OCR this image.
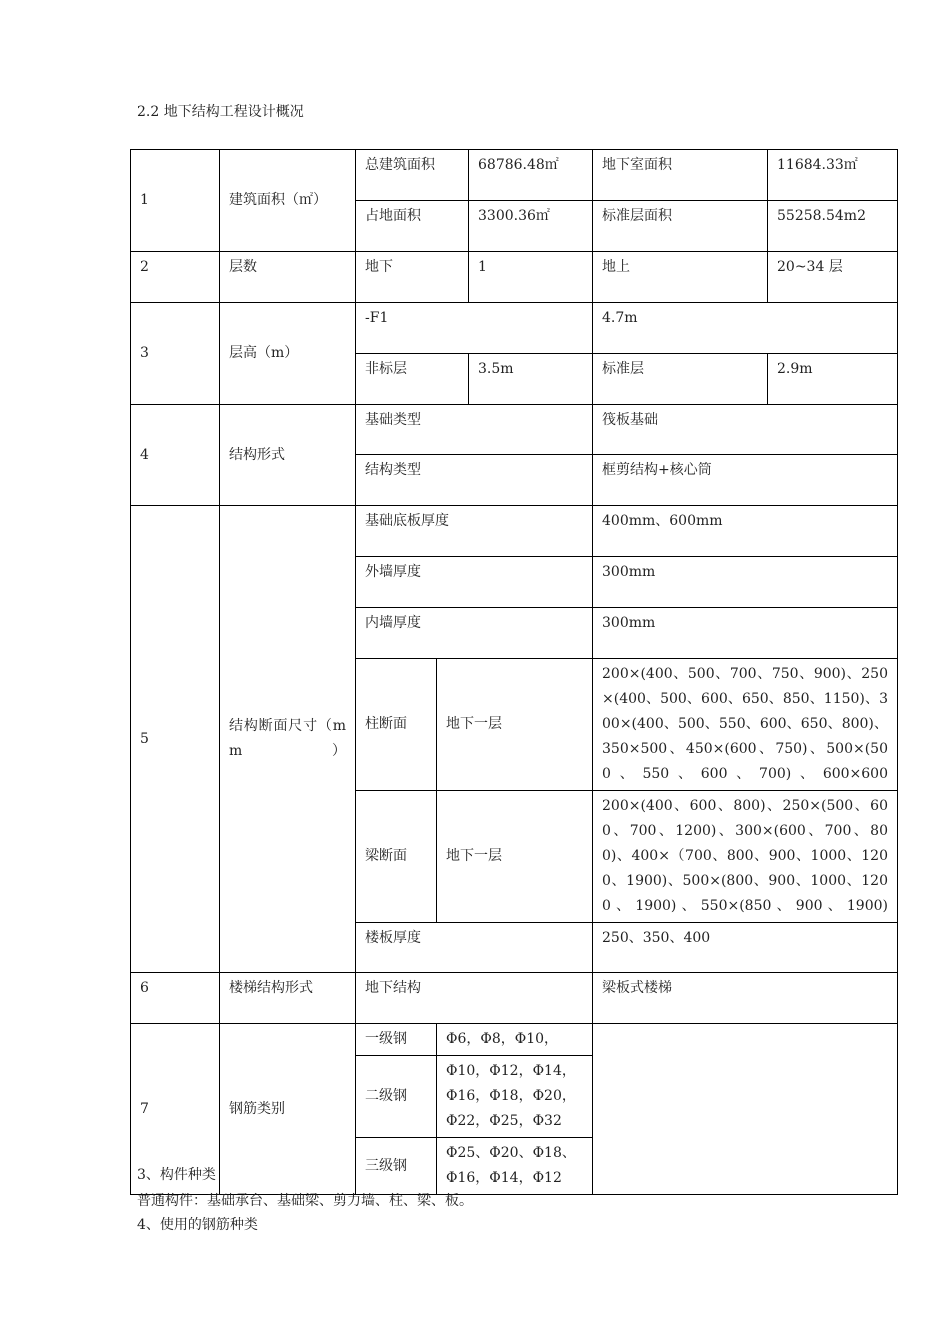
2.2 地下结构工程设计概况
1	建筑面积（㎡）	总建筑面积		68786.48㎡	地下室面积	11684.33㎡
		占地面积		3300.36㎡	标准层面积	55258.54m2
2	层数	地下		1	地上	20~34 层
3	层高（m）	-F1			4.7m	
		非标层		3.5m	标准层	2.9m
4	结构形式	基础类型			筏板基础	
		结构类型			框剪结构+核心筒	
5	结构断面尺寸（mm）	基础底板厚度			400mm、600mm	
		外墙厚度			300mm	
		内墙厚度			300mm	
		柱断面	地下一层		200×(400、500、700、750、900)、250×(400、500、600、650、850、1150)、300×(400、500、550、600、650、800)、350×500、450×(600、750)、500×(500、550、600、700)、600×600	
		梁断面	地下一层		200×(400、600、800)、250×(500、600、700、1200)、300×(600、700、800)、400×（700、800、900、1000、1200、1900)、500×(800、900、1000、1200、1900)、550×(850、900、1900)	
		楼板厚度			250、350、400	
6	楼梯结构形式	地下结构			梁板式楼梯	
7	钢筋类别	一级钢	Φ6，Φ8，Φ10，			
		二级钢	Φ10，Φ12，Φ14，Φ16，Φ18，Φ20，Φ22，Φ25，Φ32			
		三级钢	Φ25、Φ20、Φ18、Φ16，Φ14，Φ12			
3、构件种类
普通构件：基础承台、基础梁、剪力墙、柱、梁、板。
4、使用的钢筋种类
